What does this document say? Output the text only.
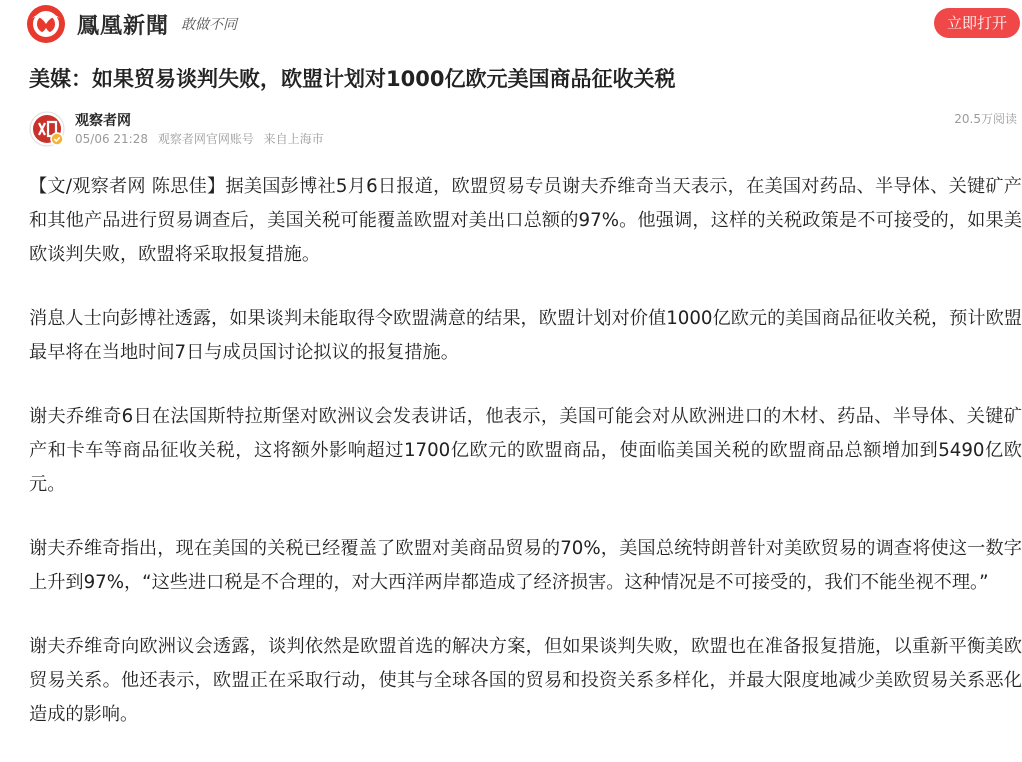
鳳凰新聞 敢做不同	立即打开
美媒：如果贸易谈判失败，欧盟计划对1000亿欧元美国商品征收关税
观察者网
05/06 21:28 观察者网官网账号 来自上海市
20.5万阅读

【文/观察者网 陈思佳】据美国彭博社5月6日报道，欧盟贸易专员谢夫乔维奇当天表示，在美国对药品、半导体、关键矿产和其他产品进行贸易调查后，美国关税可能覆盖欧盟对美出口总额的97%。他强调，这样的关税政策是不可接受的，如果美欧谈判失败，欧盟将采取报复措施。

消息人士向彭博社透露，如果谈判未能取得令欧盟满意的结果，欧盟计划对价值1000亿欧元的美国商品征收关税，预计欧盟最早将在当地时间7日与成员国讨论拟议的报复措施。

谢夫乔维奇6日在法国斯特拉斯堡对欧洲议会发表讲话，他表示，美国可能会对从欧洲进口的木材、药品、半导体、关键矿产和卡车等商品征收关税，这将额外影响超过1700亿欧元的欧盟商品，使面临美国关税的欧盟商品总额增加到5490亿欧元。

谢夫乔维奇指出，现在美国的关税已经覆盖了欧盟对美商品贸易的70%，美国总统特朗普针对美欧贸易的调查将使这一数字上升到97%，“这些进口税是不合理的，对大西洋两岸都造成了经济损害。这种情况是不可接受的，我们不能坐视不理。”

谢夫乔维奇向欧洲议会透露，谈判依然是欧盟首选的解决方案，但如果谈判失败，欧盟也在准备报复措施，以重新平衡美欧贸易关系。他还表示，欧盟正在采取行动，使其与全球各国的贸易和投资关系多样化，并最大限度地减少美欧贸易关系恶化造成的影响。
